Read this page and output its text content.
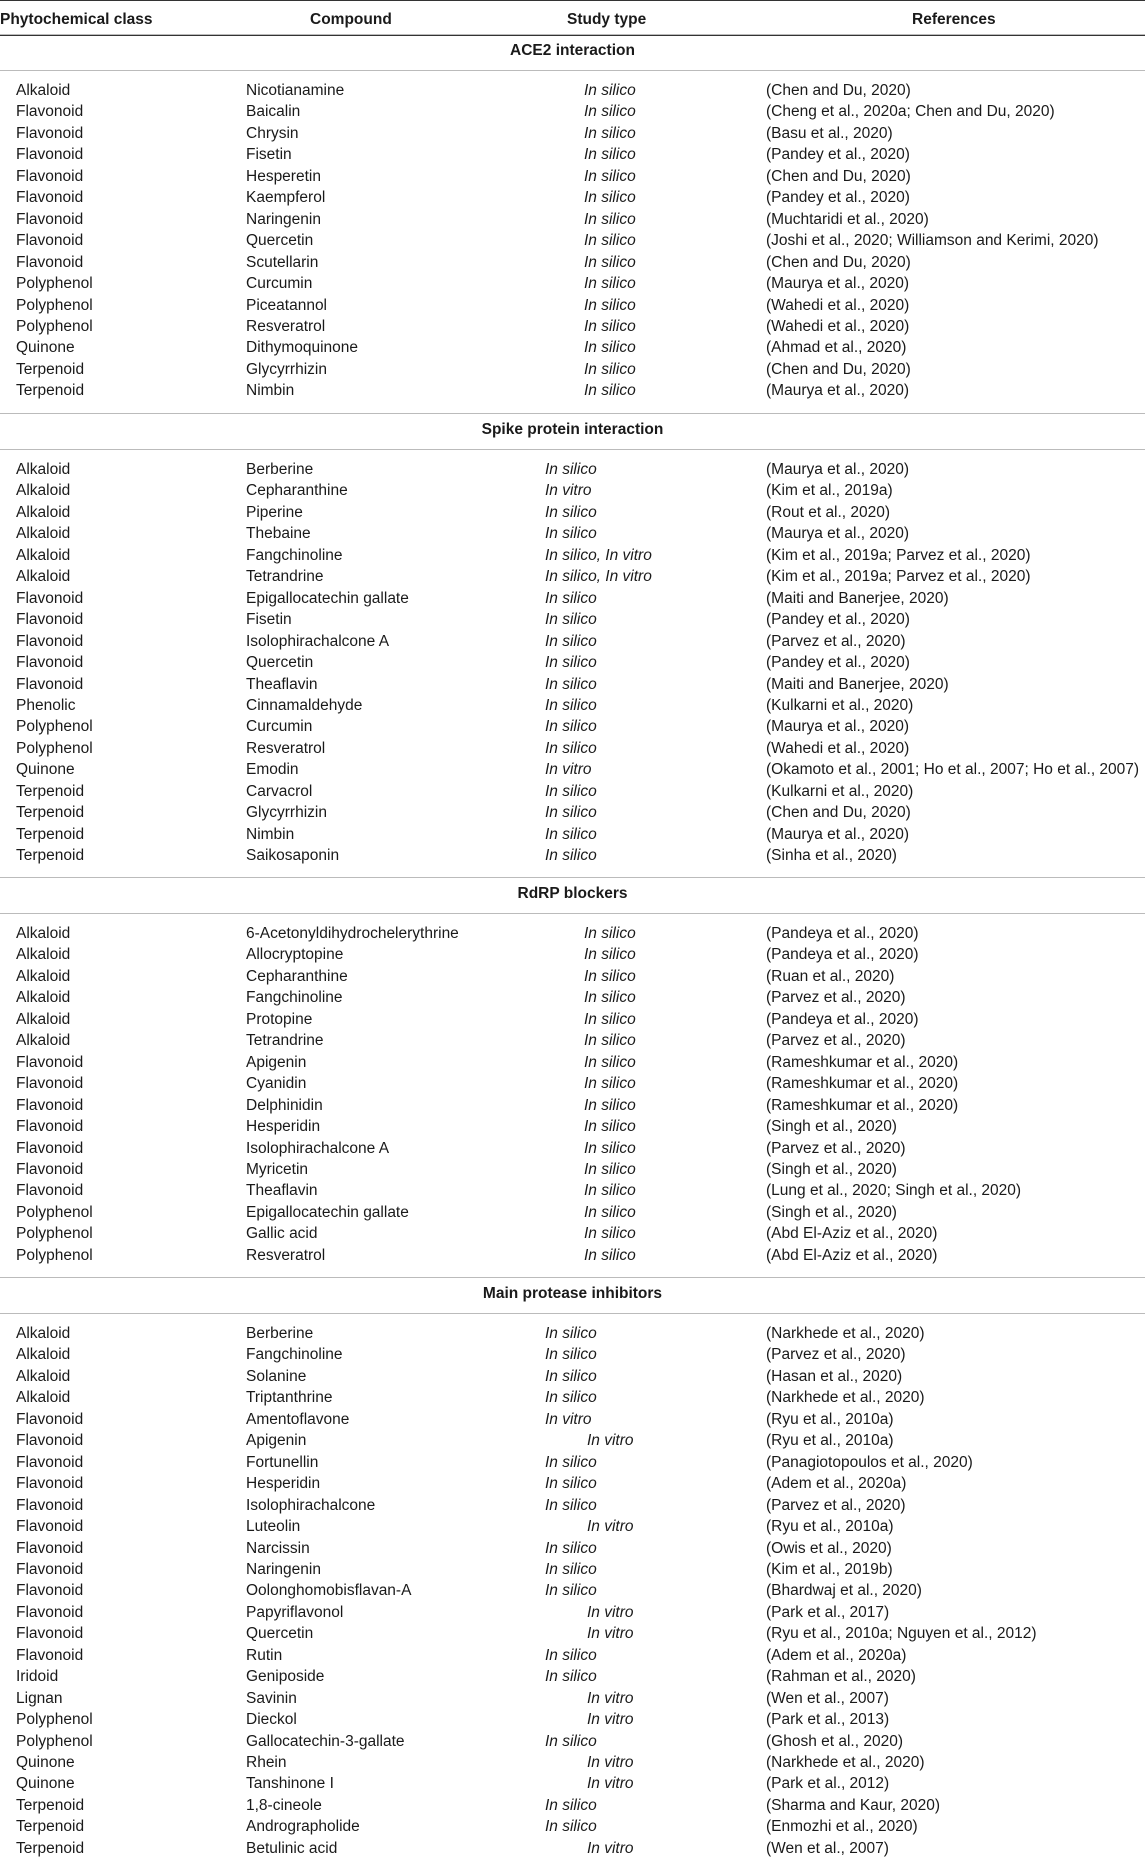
Phytochemical class	Compound	Study type	References
ACE2 interaction
Alkaloid	Nicotianamine	In silico	(Chen and Du, 2020)
Flavonoid	Baicalin	In silico	(Cheng et al., 2020a; Chen and Du, 2020)
Flavonoid	Chrysin	In silico	(Basu et al., 2020)
Flavonoid	Fisetin	In silico	(Pandey et al., 2020)
Flavonoid	Hesperetin	In silico	(Chen and Du, 2020)
Flavonoid	Kaempferol	In silico	(Pandey et al., 2020)
Flavonoid	Naringenin	In silico	(Muchtaridi et al., 2020)
Flavonoid	Quercetin	In silico	(Joshi et al., 2020; Williamson and Kerimi, 2020)
Flavonoid	Scutellarin	In silico	(Chen and Du, 2020)
Polyphenol	Curcumin	In silico	(Maurya et al., 2020)
Polyphenol	Piceatannol	In silico	(Wahedi et al., 2020)
Polyphenol	Resveratrol	In silico	(Wahedi et al., 2020)
Quinone	Dithymoquinone	In silico	(Ahmad et al., 2020)
Terpenoid	Glycyrrhizin	In silico	(Chen and Du, 2020)
Terpenoid	Nimbin	In silico	(Maurya et al., 2020)
Spike protein interaction
Alkaloid	Berberine	In silico	(Maurya et al., 2020)
Alkaloid	Cepharanthine	In vitro	(Kim et al., 2019a)
Alkaloid	Piperine	In silico	(Rout et al., 2020)
Alkaloid	Thebaine	In silico	(Maurya et al., 2020)
Alkaloid	Fangchinoline	In silico, In vitro	(Kim et al., 2019a; Parvez et al., 2020)
Alkaloid	Tetrandrine	In silico, In vitro	(Kim et al., 2019a; Parvez et al., 2020)
Flavonoid	Epigallocatechin gallate	In silico	(Maiti and Banerjee, 2020)
Flavonoid	Fisetin	In silico	(Pandey et al., 2020)
Flavonoid	Isolophirachalcone A	In silico	(Parvez et al., 2020)
Flavonoid	Quercetin	In silico	(Pandey et al., 2020)
Flavonoid	Theaflavin	In silico	(Maiti and Banerjee, 2020)
Phenolic	Cinnamaldehyde	In silico	(Kulkarni et al., 2020)
Polyphenol	Curcumin	In silico	(Maurya et al., 2020)
Polyphenol	Resveratrol	In silico	(Wahedi et al., 2020)
Quinone	Emodin	In vitro	(Okamoto et al., 2001; Ho et al., 2007; Ho et al., 2007)
Terpenoid	Carvacrol	In silico	(Kulkarni et al., 2020)
Terpenoid	Glycyrrhizin	In silico	(Chen and Du, 2020)
Terpenoid	Nimbin	In silico	(Maurya et al., 2020)
Terpenoid	Saikosaponin	In silico	(Sinha et al., 2020)
RdRP blockers
Alkaloid	6-Acetonyldihydrochelerythrine	In silico	(Pandeya et al., 2020)
Alkaloid	Allocryptopine	In silico	(Pandeya et al., 2020)
Alkaloid	Cepharanthine	In silico	(Ruan et al., 2020)
Alkaloid	Fangchinoline	In silico	(Parvez et al., 2020)
Alkaloid	Protopine	In silico	(Pandeya et al., 2020)
Alkaloid	Tetrandrine	In silico	(Parvez et al., 2020)
Flavonoid	Apigenin	In silico	(Rameshkumar et al., 2020)
Flavonoid	Cyanidin	In silico	(Rameshkumar et al., 2020)
Flavonoid	Delphinidin	In silico	(Rameshkumar et al., 2020)
Flavonoid	Hesperidin	In silico	(Singh et al., 2020)
Flavonoid	Isolophirachalcone A	In silico	(Parvez et al., 2020)
Flavonoid	Myricetin	In silico	(Singh et al., 2020)
Flavonoid	Theaflavin	In silico	(Lung et al., 2020; Singh et al., 2020)
Polyphenol	Epigallocatechin gallate	In silico	(Singh et al., 2020)
Polyphenol	Gallic acid	In silico	(Abd El-Aziz et al., 2020)
Polyphenol	Resveratrol	In silico	(Abd El-Aziz et al., 2020)
Main protease inhibitors
Alkaloid	Berberine	In silico	(Narkhede et al., 2020)
Alkaloid	Fangchinoline	In silico	(Parvez et al., 2020)
Alkaloid	Solanine	In silico	(Hasan et al., 2020)
Alkaloid	Triptanthrine	In silico	(Narkhede et al., 2020)
Flavonoid	Amentoflavone	In vitro	(Ryu et al., 2010a)
Flavonoid	Apigenin	In vitro	(Ryu et al., 2010a)
Flavonoid	Fortunellin	In silico	(Panagiotopoulos et al., 2020)
Flavonoid	Hesperidin	In silico	(Adem et al., 2020a)
Flavonoid	Isolophirachalcone	In silico	(Parvez et al., 2020)
Flavonoid	Luteolin	In vitro	(Ryu et al., 2010a)
Flavonoid	Narcissin	In silico	(Owis et al., 2020)
Flavonoid	Naringenin	In silico	(Kim et al., 2019b)
Flavonoid	Oolonghomobisflavan-A	In silico	(Bhardwaj et al., 2020)
Flavonoid	Papyriflavonol	In vitro	(Park et al., 2017)
Flavonoid	Quercetin	In vitro	(Ryu et al., 2010a; Nguyen et al., 2012)
Flavonoid	Rutin	In silico	(Adem et al., 2020a)
Iridoid	Geniposide	In silico	(Rahman et al., 2020)
Lignan	Savinin	In vitro	(Wen et al., 2007)
Polyphenol	Dieckol	In vitro	(Park et al., 2013)
Polyphenol	Gallocatechin-3-gallate	In silico	(Ghosh et al., 2020)
Quinone	Rhein	In vitro	(Narkhede et al., 2020)
Quinone	Tanshinone I	In vitro	(Park et al., 2012)
Terpenoid	1,8-cineole	In silico	(Sharma and Kaur, 2020)
Terpenoid	Andrographolide	In silico	(Enmozhi et al., 2020)
Terpenoid	Betulinic acid	In vitro	(Wen et al., 2007)
